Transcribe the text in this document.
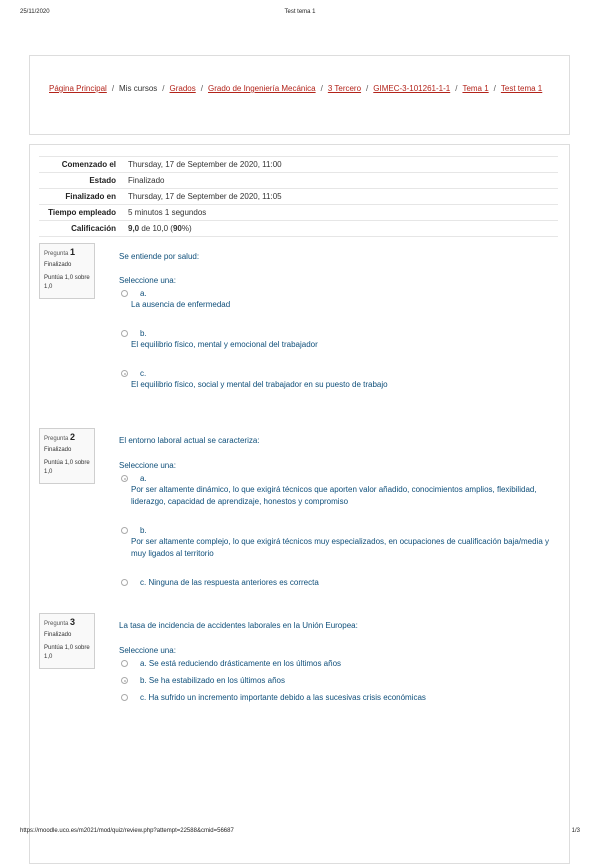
25/11/2020	Test tema 1
Página Principal / Mis cursos / Grados / Grado de Ingeniería Mecánica / 3 Tercero / GIMEC-3-101261-1-1 / Tema 1 / Test tema 1
Comenzado el	Thursday, 17 de September de 2020, 11:00
Estado	Finalizado
Finalizado en	Thursday, 17 de September de 2020, 11:05
Tiempo empleado	5 minutos 1 segundos
Calificación	9,0 de 10,0 (90%)
Pregunta 1
Finalizado
Puntúa 1,0 sobre 1,0
Se entiende por salud:
Seleccione una:
a.
La ausencia de enfermedad
b.
El equilibrio físico, mental y emocional del trabajador
c.
El equilibrio físico, social y mental del trabajador en su puesto de trabajo
Pregunta 2
Finalizado
Puntúa 1,0 sobre 1,0
El entorno laboral actual se caracteriza:
Seleccione una:
a.
Por ser altamente dinámico, lo que exigirá técnicos que aporten valor añadido, conocimientos amplios, flexibilidad, liderazgo, capacidad de aprendizaje, honestos y compromiso
b.
Por ser altamente complejo, lo que exigirá técnicos muy especializados, en ocupaciones de cualificación baja/media y muy ligados al territorio
c. Ninguna de las respuesta anteriores es correcta
Pregunta 3
Finalizado
Puntúa 1,0 sobre 1,0
La tasa de incidencia de accidentes laborales en la Unión Europea:
Seleccione una:
a. Se está reduciendo drásticamente en los últimos años
b. Se ha estabilizado en los últimos años
c. Ha sufrido un incremento importante debido a las sucesivas crisis económicas
https://moodle.uco.es/m2021/mod/quiz/review.php?attempt=22588&cmid=56687	1/3
